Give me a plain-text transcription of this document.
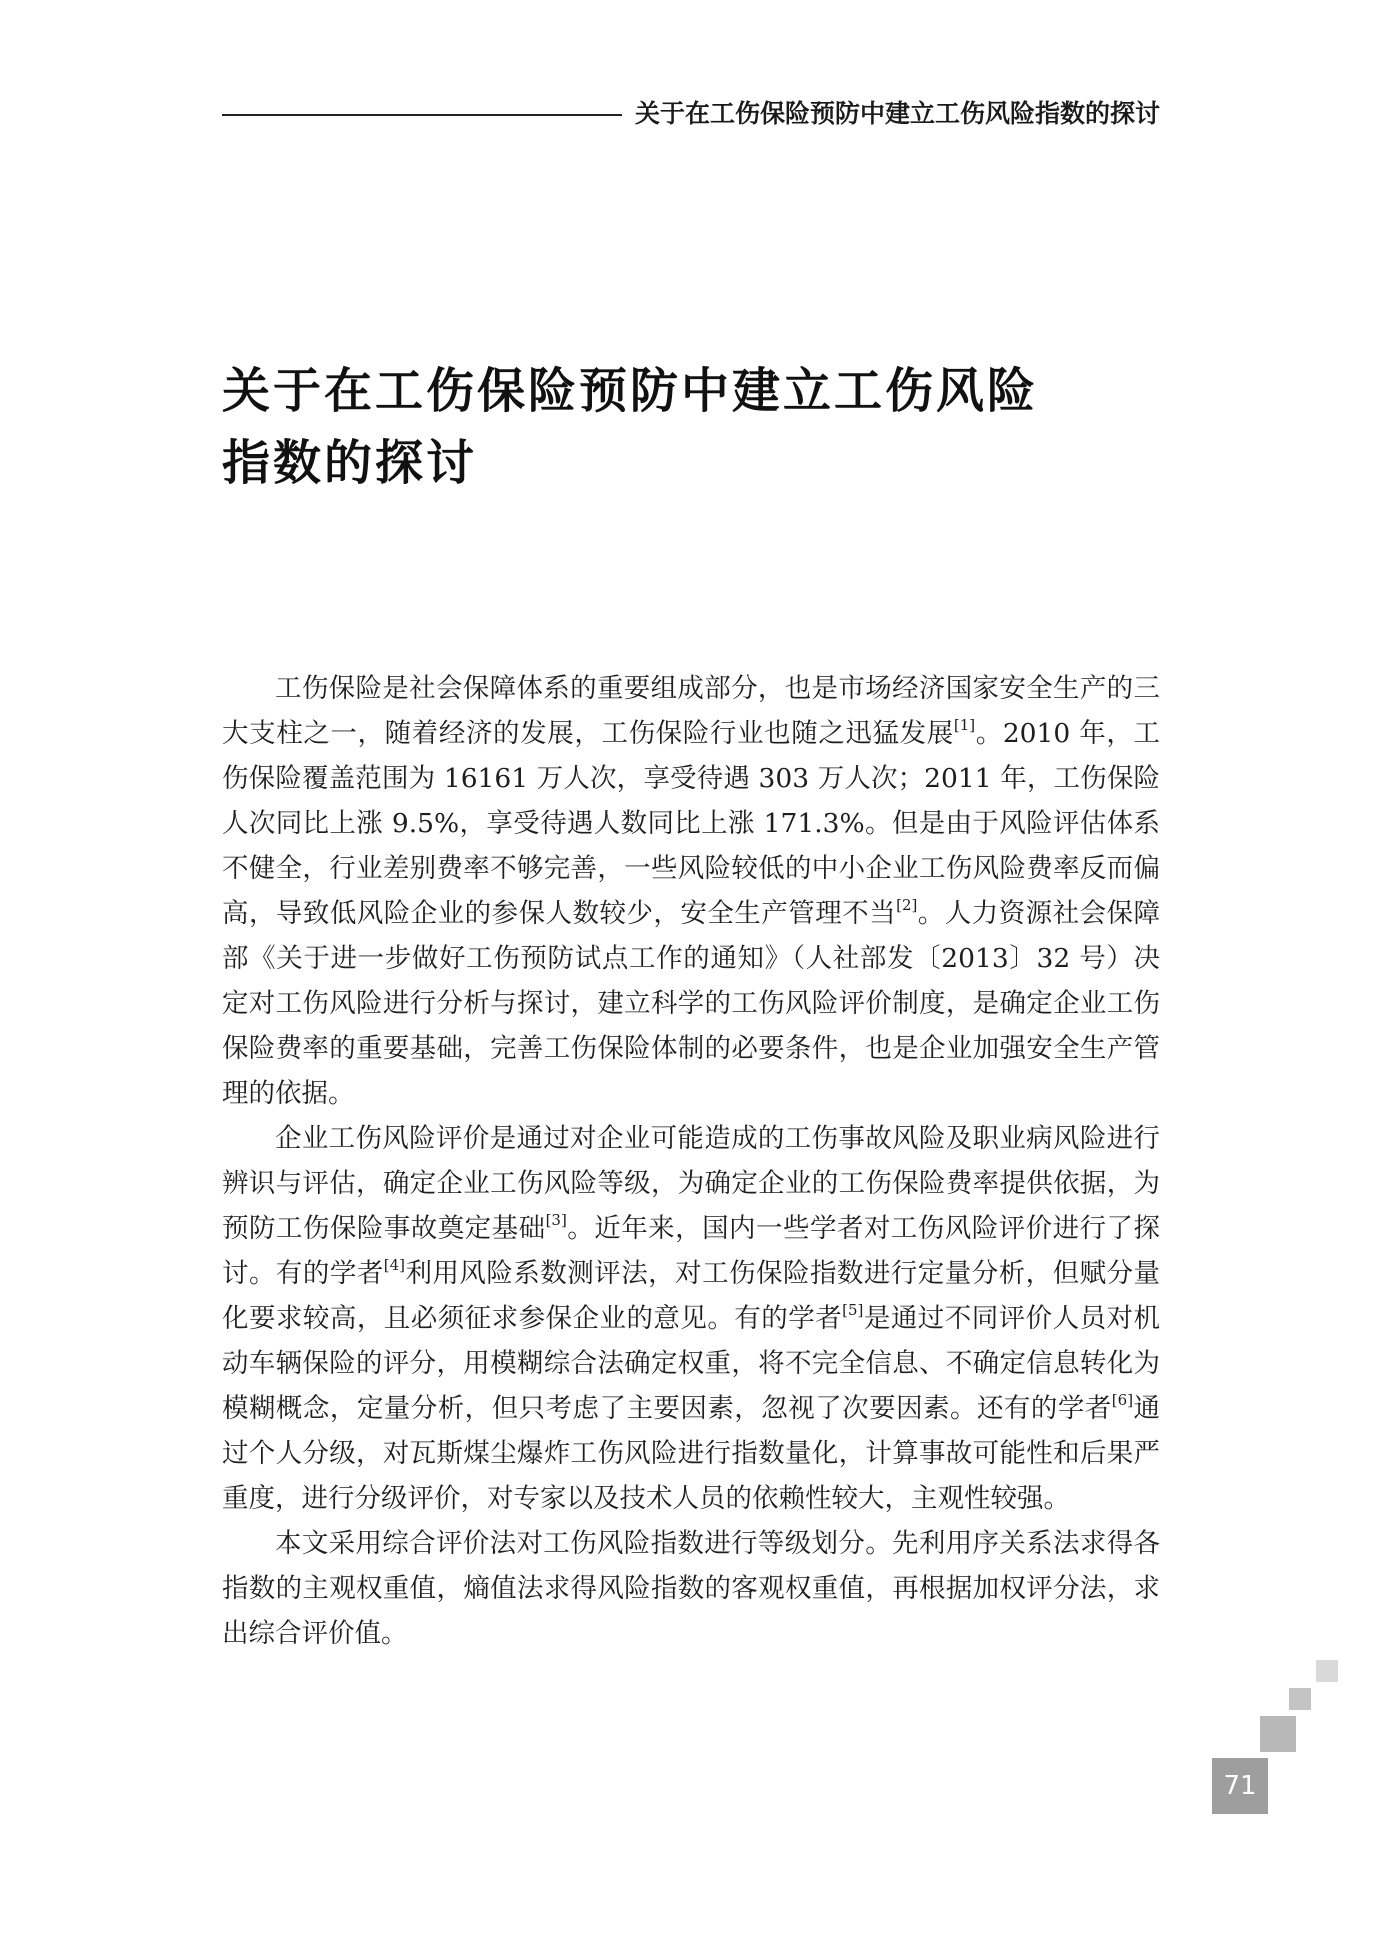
关于在工伤保险预防中建立工伤风险指数的探讨
关于在工伤保险预防中建立工伤风险
指数的探讨

工伤保险是社会保障体系的重要组成部分，也是市场经济国家安全生产的三大支柱之一，随着经济的发展，工伤保险行业也随之迅猛发展[1]。2010 年，工伤保险覆盖范围为 16161 万人次，享受待遇 303 万人次；2011 年，工伤保险人次同比上涨 9.5%，享受待遇人数同比上涨 171.3%。但是由于风险评估体系不健全，行业差别费率不够完善，一些风险较低的中小企业工伤风险费率反而偏高，导致低风险企业的参保人数较少，安全生产管理不当[2]。人力资源社会保障部《关于进一步做好工伤预防试点工作的通知》（人社部发〔2013〕32 号）决定对工伤风险进行分析与探讨，建立科学的工伤风险评价制度，是确定企业工伤保险费率的重要基础，完善工伤保险体制的必要条件，也是企业加强安全生产管理的依据。

企业工伤风险评价是通过对企业可能造成的工伤事故风险及职业病风险进行辨识与评估，确定企业工伤风险等级，为确定企业的工伤保险费率提供依据，为预防工伤保险事故奠定基础[3]。近年来，国内一些学者对工伤风险评价进行了探讨。有的学者[4]利用风险系数测评法，对工伤保险指数进行定量分析，但赋分量化要求较高，且必须征求参保企业的意见。有的学者[5]是通过不同评价人员对机动车辆保险的评分，用模糊综合法确定权重，将不完全信息、不确定信息转化为模糊概念，定量分析，但只考虑了主要因素，忽视了次要因素。还有的学者[6]通过个人分级，对瓦斯煤尘爆炸工伤风险进行指数量化，计算事故可能性和后果严重度，进行分级评价，对专家以及技术人员的依赖性较大，主观性较强。

本文采用综合评价法对工伤风险指数进行等级划分。先利用序关系法求得各指数的主观权重值，熵值法求得风险指数的客观权重值，再根据加权评分法，求出综合评价值。

71
